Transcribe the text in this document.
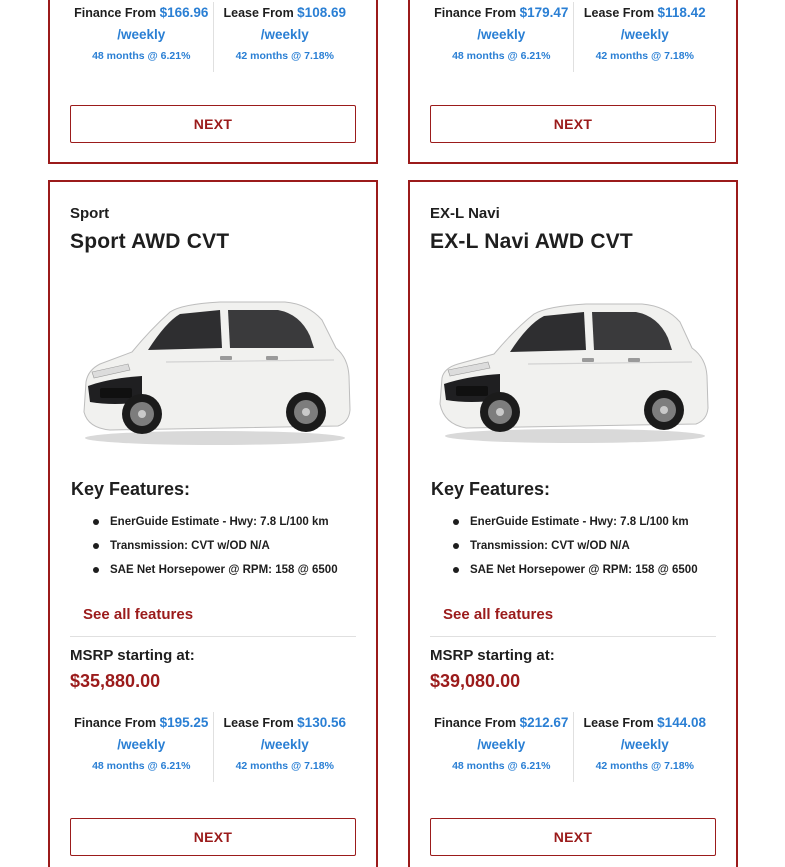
Finance From $166.96
/weekly
48 months @ 6.21%
Lease From $108.69
/weekly
42 months @ 7.18%
NEXT
Finance From $179.47
/weekly
48 months @ 6.21%
Lease From $118.42
/weekly
42 months @ 7.18%
NEXT
Sport
Sport AWD CVT
Key Features:
EnerGuide Estimate - Hwy: 7.8 L/100 km
Transmission: CVT w/OD N/A
SAE Net Horsepower @ RPM: 158 @ 6500
See all features
MSRP starting at:
$35,880.00
Finance From $195.25
/weekly
48 months @ 6.21%
Lease From $130.56
/weekly
42 months @ 7.18%
NEXT
EX-L Navi
EX-L Navi AWD CVT
Key Features:
EnerGuide Estimate - Hwy: 7.8 L/100 km
Transmission: CVT w/OD N/A
SAE Net Horsepower @ RPM: 158 @ 6500
See all features
MSRP starting at:
$39,080.00
Finance From $212.67
/weekly
48 months @ 6.21%
Lease From $144.08
/weekly
42 months @ 7.18%
NEXT
